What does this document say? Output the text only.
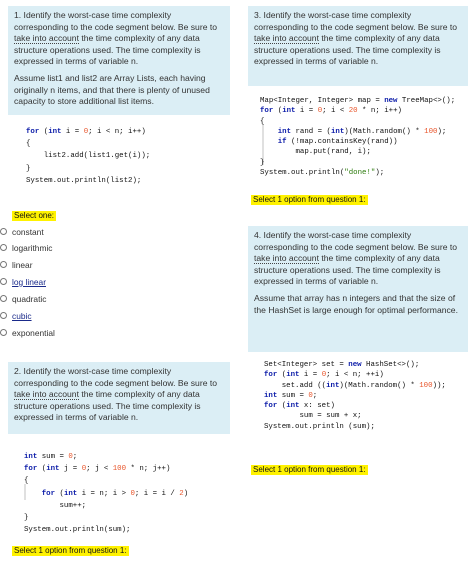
1. Identify the worst-case time complexity corresponding to the code segment below. Be sure to take into account the time complexity of any data structure operations used. The time complexity is expressed in terms of variable n.

Assume list1 and list2 are Array Lists, each having originally n items, and that there is plenty of unused capacity to store additional list items.

for (int i = 0; i < n; i++)
{
list2.add(list1.get(i));
}
System.out.println(list2);
Select one:
constant
logarithmic
linear
log linear
quadratic
cubic
exponential

2. Identify the worst-case time complexity corresponding to the code segment below. Be sure to take into account the time complexity of any data structure operations used. The time complexity is expressed in terms of variable n.

int sum = 0;
for (int j = 0; j < 100 * n; j++)
{
for (int i = n; i > 0; i = i / 2)
sum++;
}
System.out.println(sum);
Select 1 option from question 1:

3. Identify the worst-case time complexity corresponding to the code segment below. Be sure to take into account the time complexity of any data structure operations used. The time complexity is expressed in terms of variable n.

Map<Integer, Integer> map = new TreeMap<>();
for (int i = 0; i < 20 * n; i++)
{
int rand = (int)(Math.random() * 100);
if (!map.containsKey(rand))
map.put(rand, i);
}
System.out.println("done!");
Select 1 option from question 1:

4. Identify the worst-case time complexity corresponding to the code segment below. Be sure to take into account the time complexity of any data structure operations used. The time complexity is expressed in terms of variable n.

Assume that array has n integers and that the size of the HashSet is large enough for optimal performance.

Set<Integer> set = new HashSet<>();
for (int i = 0; i < n; ++i)
set.add ((int)(Math.random() * 100));
int sum = 0;
for (int x: set)
sum = sum + x;
System.out.println (sum);
Select 1 option from question 1:
